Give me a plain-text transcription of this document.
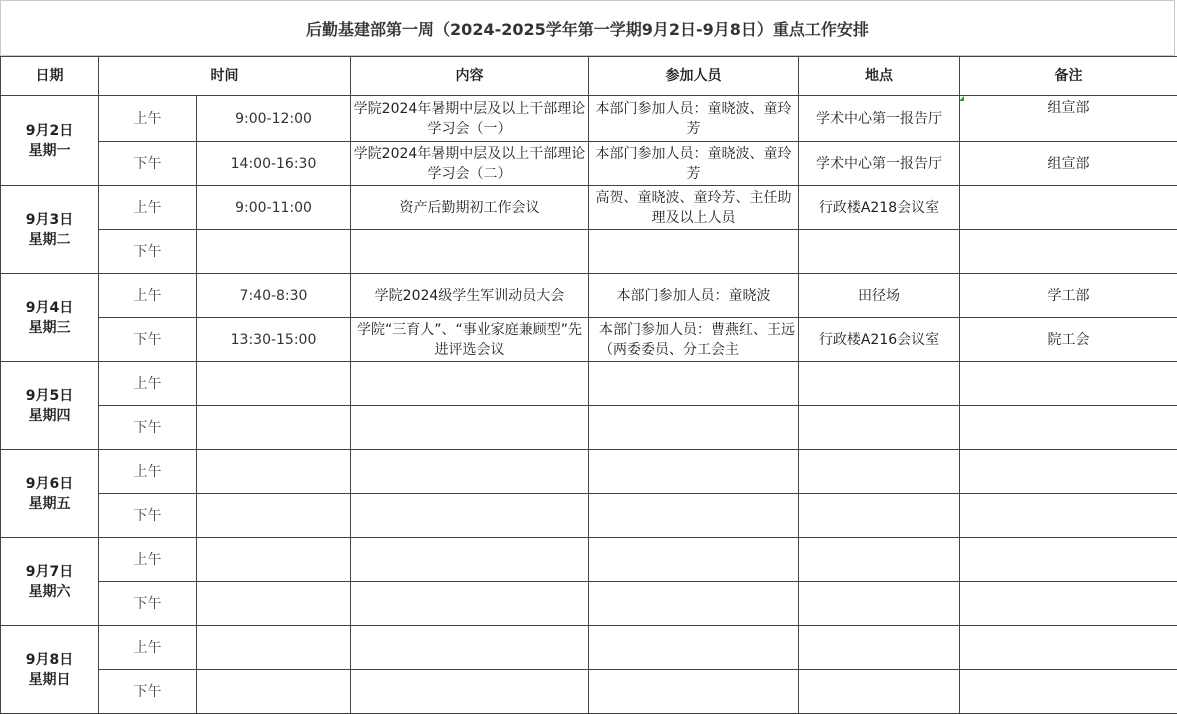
后勤基建部第一周（2024-2025学年第一学期9月2日-9月8日）重点工作安排
日期	时间		内容	参加人员	地点	备注

9月2日
星期一	上午	9:00-12:00	学院2024年暑期中层及以上干部理论学习会（一）	本部门参加人员：童晓波、童玲芳	学术中心第一报告厅	组宣部
	下午	14:00-16:30	学院2024年暑期中层及以上干部理论学习会（二）	本部门参加人员：童晓波、童玲芳	学术中心第一报告厅	组宣部

9月3日
星期二	上午	9:00-11:00	资产后勤期初工作会议	高贺、童晓波、童玲芳、主任助理及以上人员	行政楼A218会议室	
	下午					

9月4日
星期三	上午	7:40-8:30	学院2024级学生军训动员大会	本部门参加人员：童晓波	田径场	学工部
	下午	13:30-15:00	学院“三育人”、“事业家庭兼顾型”先进评选会议	本部门参加人员：曹燕红、王远（两委委员、分工会主	行政楼A216会议室	院工会

9月5日
星期四	上午					
	下午					

9月6日
星期五	上午					
	下午					

9月7日
星期六	上午					
	下午					

9月8日
星期日	上午					
	下午					
